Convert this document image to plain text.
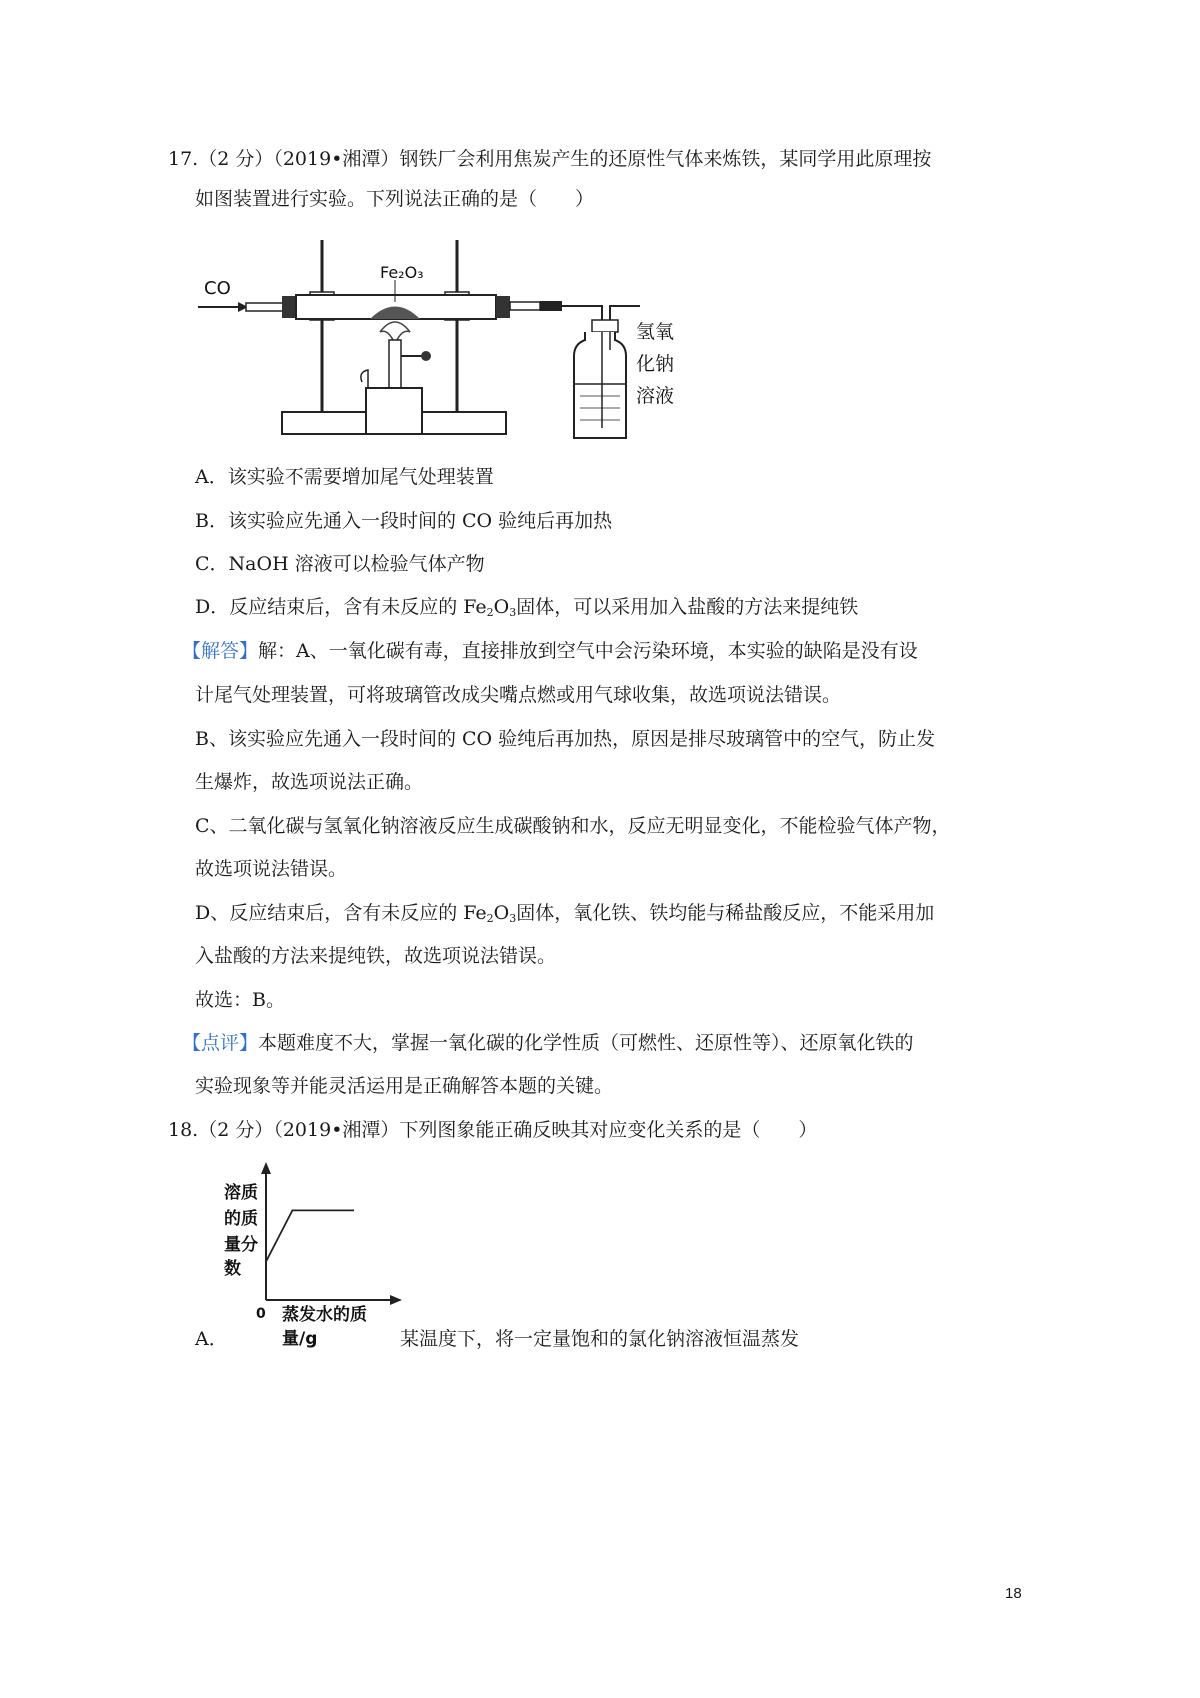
17.（2 分）（2019•湘潭）钢铁厂会利用焦炭产生的还原性气体来炼铁，某同学用此原理按
如图装置进行实验。下列说法正确的是（　　）
CO
Fe₂O₃
氢氧
化钠
溶液
A．该实验不需要增加尾气处理装置
B．该实验应先通入一段时间的 CO 验纯后再加热
C．NaOH 溶液可以检验气体产物
D．反应结束后，含有未反应的 $Fe_2O_3$固体，可以采用加入盐酸的方法来提纯铁
【解答】解：A、一氧化碳有毒，直接排放到空气中会污染环境，本实验的缺陷是没有设
计尾气处理装置，可将玻璃管改成尖嘴点燃或用气球收集，故选项说法错误。
B、该实验应先通入一段时间的 CO 验纯后再加热，原因是排尽玻璃管中的空气，防止发
生爆炸，故选项说法正确。
C、二氧化碳与氢氧化钠溶液反应生成碳酸钠和水，反应无明显变化，不能检验气体产物，
故选项说法错误。
D、反应结束后，含有未反应的 $Fe_2O_3$固体，氧化铁、铁均能与稀盐酸反应，不能采用加
入盐酸的方法来提纯铁，故选项说法错误。
故选：B。
【点评】本题难度不大，掌握一氧化碳的化学性质（可燃性、还原性等）、还原氧化铁的
实验现象等并能灵活运用是正确解答本题的关键。
18.（2 分）（2019•湘潭）下列图象能正确反映其对应变化关系的是（　　）
溶质
的质
量分
数
0 蒸发水的质
量/g
A．	某温度下，将一定量饱和的氯化钠溶液恒温蒸发
18
